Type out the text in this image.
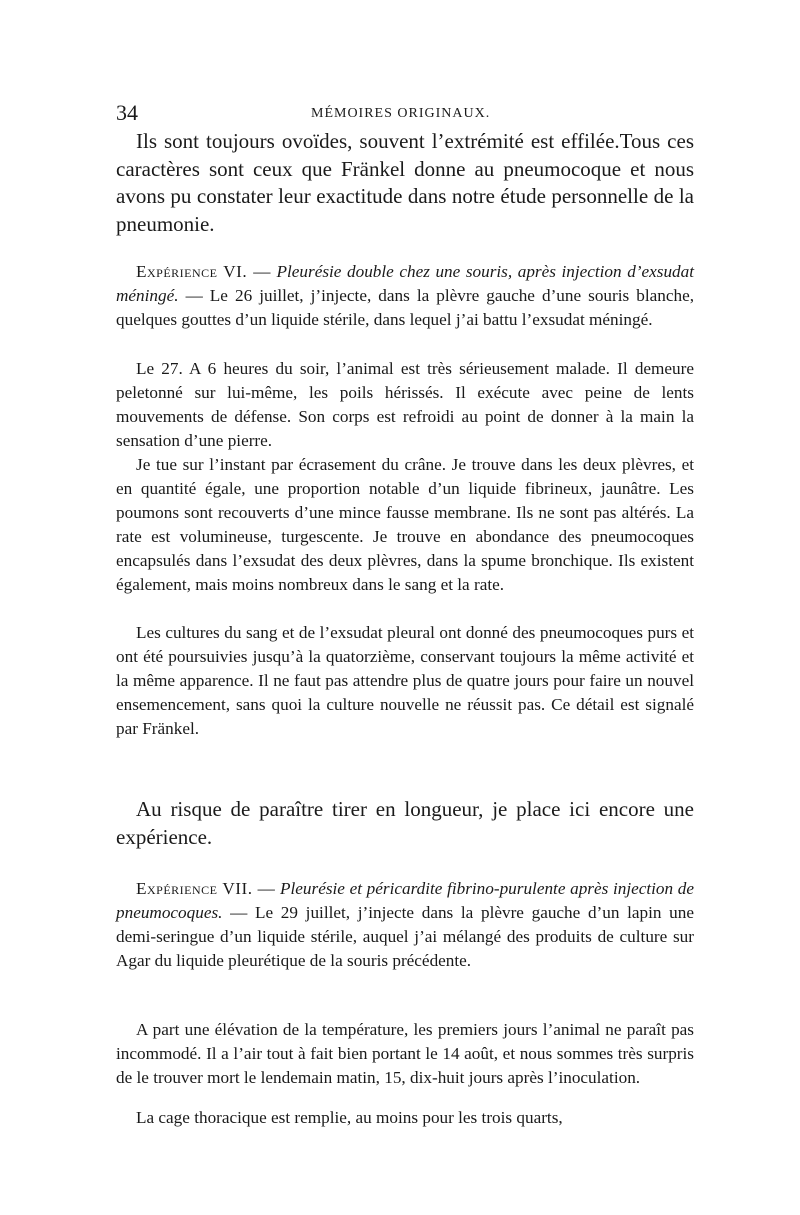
34	MÉMOIRES ORIGINAUX.

Ils sont toujours ovoïdes, souvent l’extrémité est effilée.Tous ces caractères sont ceux que Fränkel donne au pneumocoque et nous avons pu constater leur exactitude dans notre étude personnelle de la pneumonie.

Expérience VI. — Pleurésie double chez une souris, après injection d’exsudat méningé. — Le 26 juillet, j’injecte, dans la plèvre gauche d’une souris blanche, quelques gouttes d’un liquide stérile, dans lequel j’ai battu l’exsudat méningé.

Le 27. A 6 heures du soir, l’animal est très sérieusement malade. Il demeure peletonné sur lui-même, les poils hérissés. Il exécute avec peine de lents mouvements de défense. Son corps est refroidi au point de donner à la main la sensation d’une pierre.

Je tue sur l’instant par écrasement du crâne. Je trouve dans les deux plèvres, et en quantité égale, une proportion notable d’un liquide fibrineux, jaunâtre. Les poumons sont recouverts d’une mince fausse membrane. Ils ne sont pas altérés. La rate est volumineuse, turgescente. Je trouve en abondance des pneumocoques encapsulés dans l’exsudat des deux plèvres, dans la spume bronchique. Ils existent également, mais moins nombreux dans le sang et la rate.

Les cultures du sang et de l’exsudat pleural ont donné des pneumocoques purs et ont été poursuivies jusqu’à la quatorzième, conservant toujours la même activité et la même apparence. Il ne faut pas attendre plus de quatre jours pour faire un nouvel ensemencement, sans quoi la culture nouvelle ne réussit pas. Ce détail est signalé par Fränkel.

Au risque de paraître tirer en longueur, je place ici encore une expérience.

Expérience VII. — Pleurésie et péricardite fibrino-purulente après injection de pneumocoques. — Le 29 juillet, j’injecte dans la plèvre gauche d’un lapin une demi-seringue d’un liquide stérile, auquel j’ai mélangé des produits de culture sur Agar du liquide pleurétique de la souris précédente.

A part une élévation de la température, les premiers jours l’animal ne paraît pas incommodé. Il a l’air tout à fait bien portant le 14 août, et nous sommes très surpris de le trouver mort le lendemain matin, 15, dix-huit jours après l’inoculation.

La cage thoracique est remplie, au moins pour les trois quarts,
